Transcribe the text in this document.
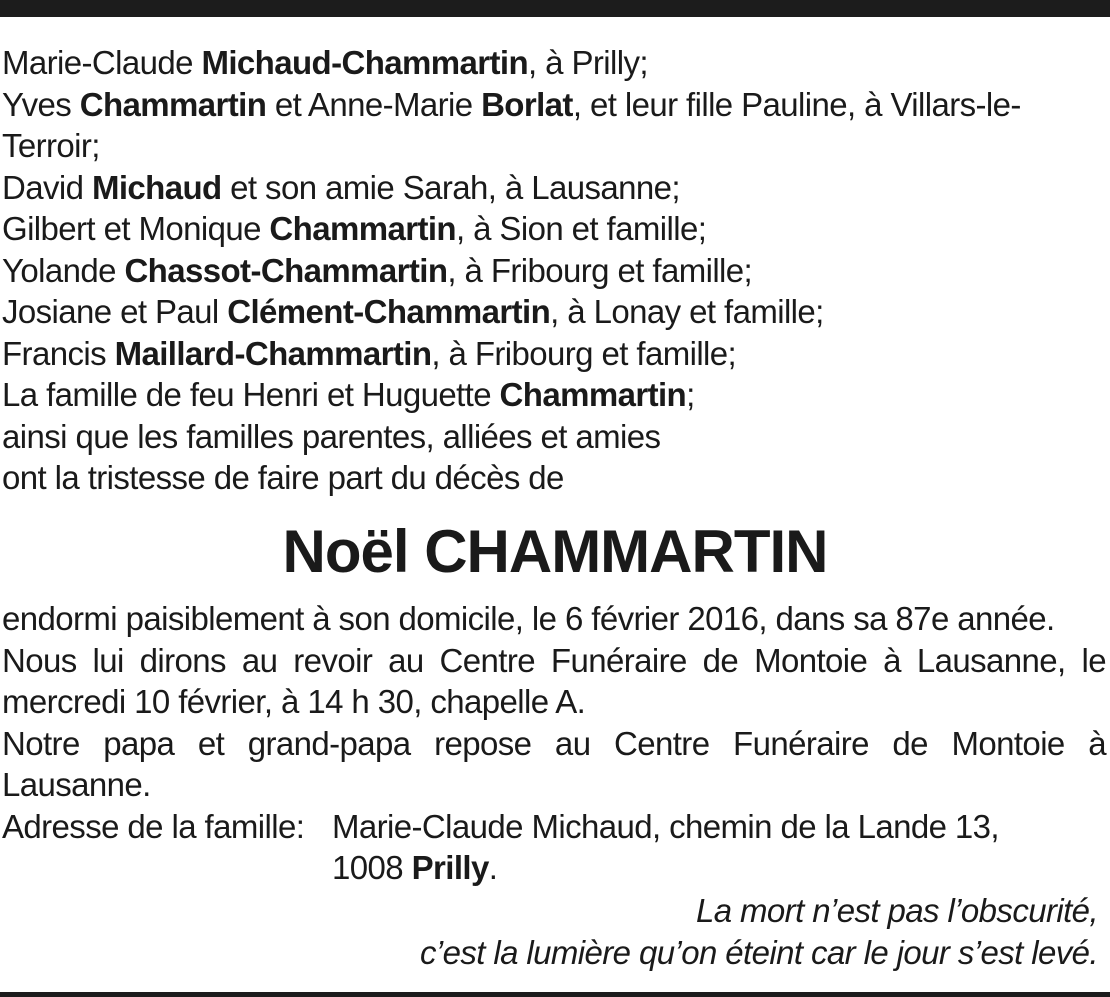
Marie-Claude Michaud-Chammartin, à Prilly;
Yves Chammartin et Anne-Marie Borlat, et leur fille Pauline, à Villars-le-Terroir;
David Michaud et son amie Sarah, à Lausanne;
Gilbert et Monique Chammartin, à Sion et famille;
Yolande Chassot-Chammartin, à Fribourg et famille;
Josiane et Paul Clément-Chammartin, à Lonay et famille;
Francis Maillard-Chammartin, à Fribourg et famille;
La famille de feu Henri et Huguette Chammartin;
ainsi que les familles parentes, alliées et amies
ont la tristesse de faire part du décès de
Noël CHAMMARTIN
endormi paisiblement à son domicile, le 6 février 2016, dans sa 87e année.
Nous lui dirons au revoir au Centre Funéraire de Montoie à Lausanne, le mercredi 10 février, à 14 h 30, chapelle A.
Notre papa et grand-papa repose au Centre Funéraire de Montoie à Lausanne.
Adresse de la famille: Marie-Claude Michaud, chemin de la Lande 13,
1008 Prilly.
La mort n’est pas l’obscurité,
c’est la lumière qu’on éteint car le jour s’est levé.
